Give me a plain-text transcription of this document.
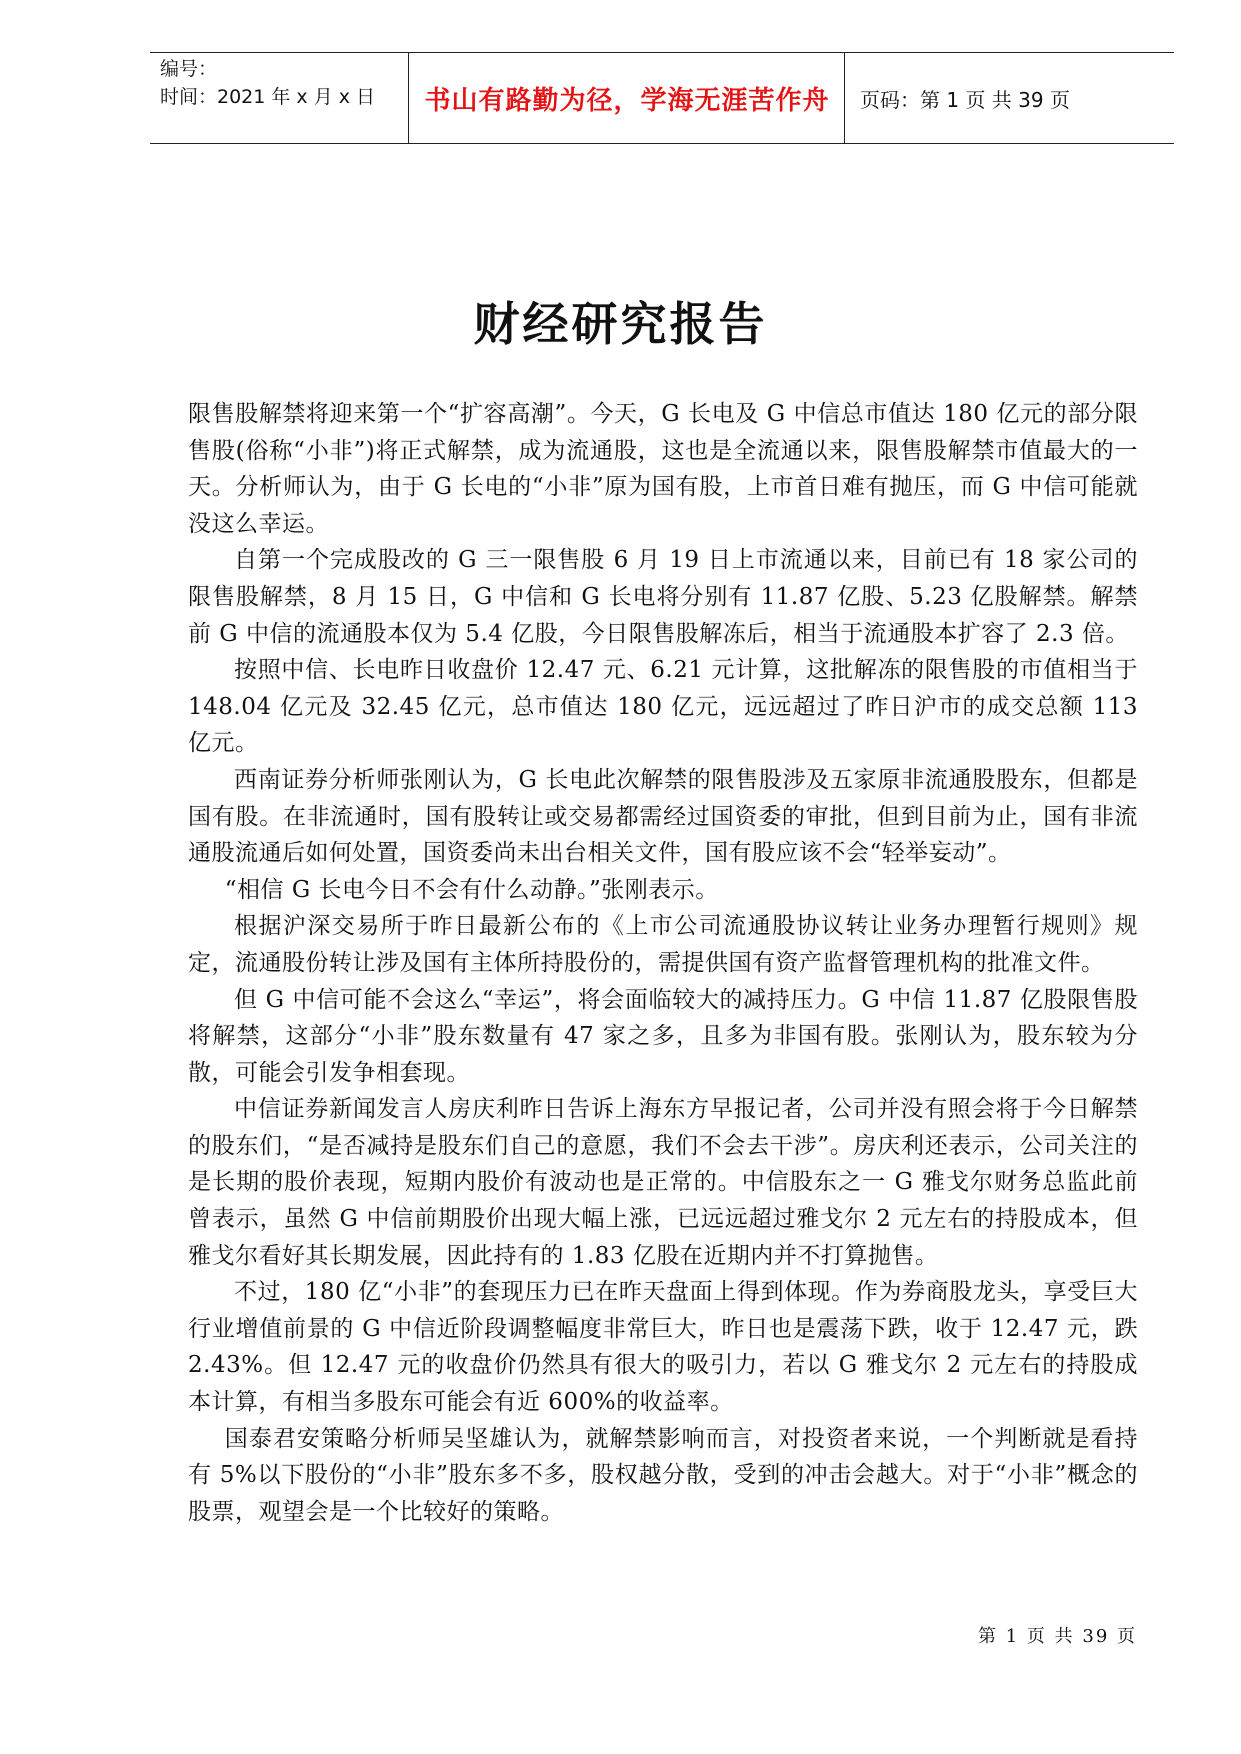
编号：
时间：2021 年 x 月 x 日	书山有路勤为径，学海无涯苦作舟	页码：第 1 页 共 39 页
财经研究报告

限售股解禁将迎来第一个“扩容高潮”。今天，G 长电及 G 中信总市值达 180 亿元的部分限售股(俗称“小非”)将正式解禁，成为流通股，这也是全流通以来，限售股解禁市值最大的一天。分析师认为，由于 G 长电的“小非”原为国有股，上市首日难有抛压，而 G 中信可能就没这么幸运。

自第一个完成股改的 G 三一限售股 6 月 19 日上市流通以来，目前已有 18 家公司的限售股解禁，8 月 15 日，G 中信和 G 长电将分别有 11.87 亿股、5.23 亿股解禁。解禁前 G 中信的流通股本仅为 5.4 亿股，今日限售股解冻后，相当于流通股本扩容了 2.3 倍。

按照中信、长电昨日收盘价 12.47 元、6.21 元计算，这批解冻的限售股的市值相当于 148.04 亿元及 32.45 亿元，总市值达 180 亿元，远远超过了昨日沪市的成交总额 113 亿元。

西南证券分析师张刚认为，G 长电此次解禁的限售股涉及五家原非流通股股东，但都是国有股。在非流通时，国有股转让或交易都需经过国资委的审批，但到目前为止，国有非流通股流通后如何处置，国资委尚未出台相关文件，国有股应该不会“轻举妄动”。

“相信 G 长电今日不会有什么动静。”张刚表示。

根据沪深交易所于昨日最新公布的《上市公司流通股协议转让业务办理暂行规则》规定，流通股份转让涉及国有主体所持股份的，需提供国有资产监督管理机构的批准文件。

但 G 中信可能不会这么“幸运”，将会面临较大的减持压力。G 中信 11.87 亿股限售股将解禁，这部分“小非”股东数量有 47 家之多，且多为非国有股。张刚认为，股东较为分散，可能会引发争相套现。

中信证券新闻发言人房庆利昨日告诉上海东方早报记者，公司并没有照会将于今日解禁的股东们，“是否减持是股东们自己的意愿，我们不会去干涉”。房庆利还表示，公司关注的是长期的股价表现，短期内股价有波动也是正常的。中信股东之一 G 雅戈尔财务总监此前曾表示，虽然 G 中信前期股价出现大幅上涨，已远远超过雅戈尔 2 元左右的持股成本，但雅戈尔看好其长期发展，因此持有的 1.83 亿股在近期内并不打算抛售。

不过，180 亿“小非”的套现压力已在昨天盘面上得到体现。作为券商股龙头，享受巨大行业增值前景的 G 中信近阶段调整幅度非常巨大，昨日也是震荡下跌，收于 12.47 元，跌 2.43%。但 12.47 元的收盘价仍然具有很大的吸引力，若以 G 雅戈尔 2 元左右的持股成本计算，有相当多股东可能会有近 600%的收益率。

国泰君安策略分析师吴坚雄认为，就解禁影响而言，对投资者来说，一个判断就是看持有 5%以下股份的“小非”股东多不多，股权越分散，受到的冲击会越大。对于“小非”概念的股票，观望会是一个比较好的策略。

第 1 页 共 39 页
